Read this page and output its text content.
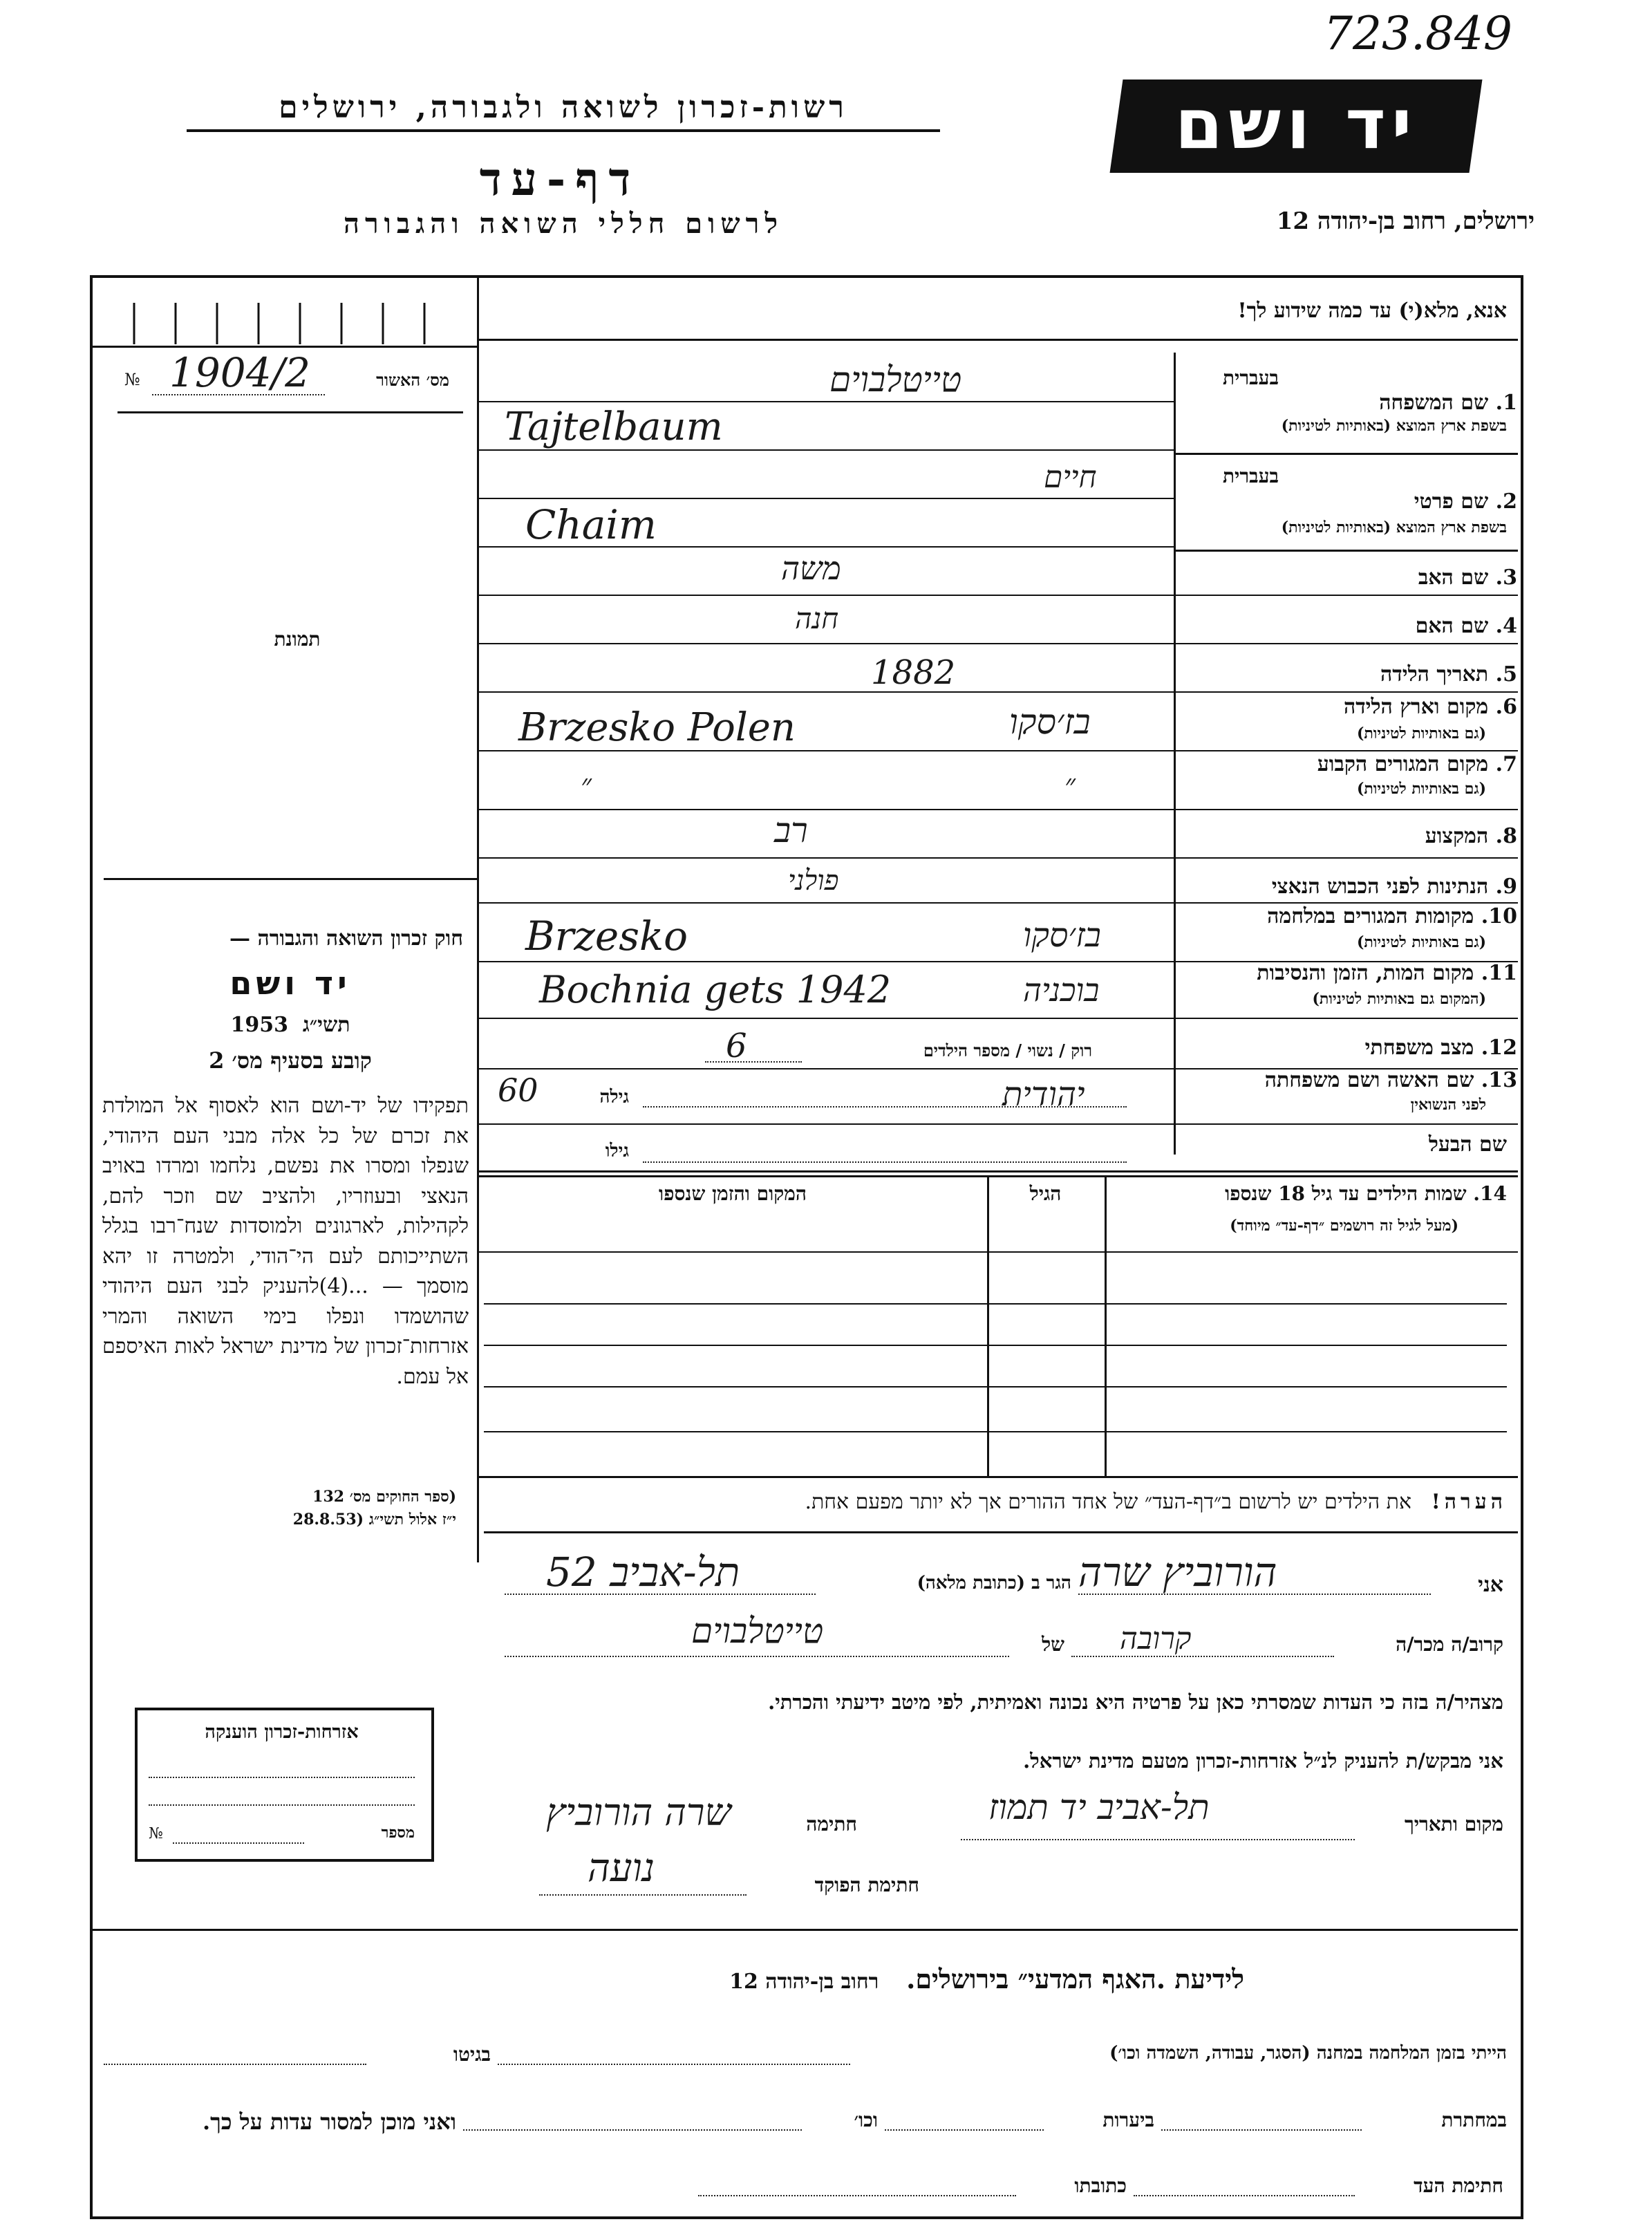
723.849
יד ושם
רשות-זכרון לשואה ולגבורה, ירושלים
דף-עד
לרשום חללי השואה והגבורה	ירושלים, רחוב בן-יהודה 12
№ 1904/2	מס׳ האשור
תמונת
חוק זכרון השואה והגבורה —
יד ושם
1953 תשי״ג
קובע בסעיף מס׳ 2
תפקידו של יד-ושם הוא לאסוף אל המולדת את זכרם של כל אלה מבני העם היהודי, שנפלו ומסרו את נפשם, נלחמו ומרדו באויב הנאצי ובעוזריו, ולהציב שם וזכר להם, לקהילות, לארגונים ולמוסדות שנח־רבו בגלל השתייכותם לעם הי־הודי, ולמטרה זו יהא מוסמך — ...(4)להעניק לבני העם היהודי שהושמדו ונפלו בימי השואה והמרי אזרחות־זכרון של מדינת ישראל לאות האיספם אל עמם.
(ספר החוקים מס׳ 132
י״ז אלול תשי״ג (28.8.53
אזרחות-זכרון הוענקה
№	מספר
אנא, מלא(י) עד כמה שידוע לך!
בעברית
1. שם המשפחה
בשפת ארץ המוצא (באותיות לטיניות)
טייטלבוים
Tajtelbaum
בעברית
2. שם פרטי
בשפת ארץ המוצא (באותיות לטיניות)
חיים
Chaim
3. שם האב
משה
4. שם האם
חנה
5. תאריך הלידה
1882
6. מקום וארץ הלידה
(גם באותיות לטיניות)
Brzesko Polen	בז׳סקו
7. מקום המגורים הקבוע
(גם באותיות לטיניות)
״	״
8. המקצוע
רב
9. הנתינות לפני הכבוש הנאצי
פולני
10. מקומות המגורים במלחמה
(גם באותיות לטיניות)
Brzesko	בז׳סקו
11. מקום המות, הזמן והנסיבות
(המקום גם באותיות לטיניות)
Bochnia gets 1942	בוכניה
12. מצב משפחתי
רוק / נשוי / מספר הילדים
6
13. שם האשה ושם משפחתה
לפני הנשואין
60	גילה	יהודית
שם הבעל
גילו
14. שמות הילדים עד גיל 18 שנספו
(מעל לגיל זה רושמים ״דף-עד״ מיוחד)
הגיל
המקום והזמן שנספו
הערה!   את הילדים יש לרשום ב״דף-העד״ של אחד ההורים אך לא יותר מפעם אחת.
אני
הורוביץ שרה
הגר ב (כתובת מלאה)
תל-אביב 52
קרוב/ה מכר/ה
קרובה
של
טייטלבוים
מצהיר/ה בזה כי העדות שמסרתי כאן על פרטיה היא נכונה ואמיתית, לפי מיטב ידיעתי והכרתי.
אני מבקש/ת להעניק לנ״ל אזרחות-זכרון מטעם מדינת ישראל.
מקום ותאריך
תל-אביב יד תמוז
חתימה
שרה הורוביץ
חתימת הפוקד
נועה
לידיעת .האגף המדעי״ בירושלים.   רחוב בן-יהודה 12
הייתי בזמן המלחמה במחנה (הסגר, עבודה, השמדה וכו׳)
בגיטו
במחתרת
ביערות
וכו׳
ואני מוכן למסור עדות על כך.
חתימת העד
כתובתו
